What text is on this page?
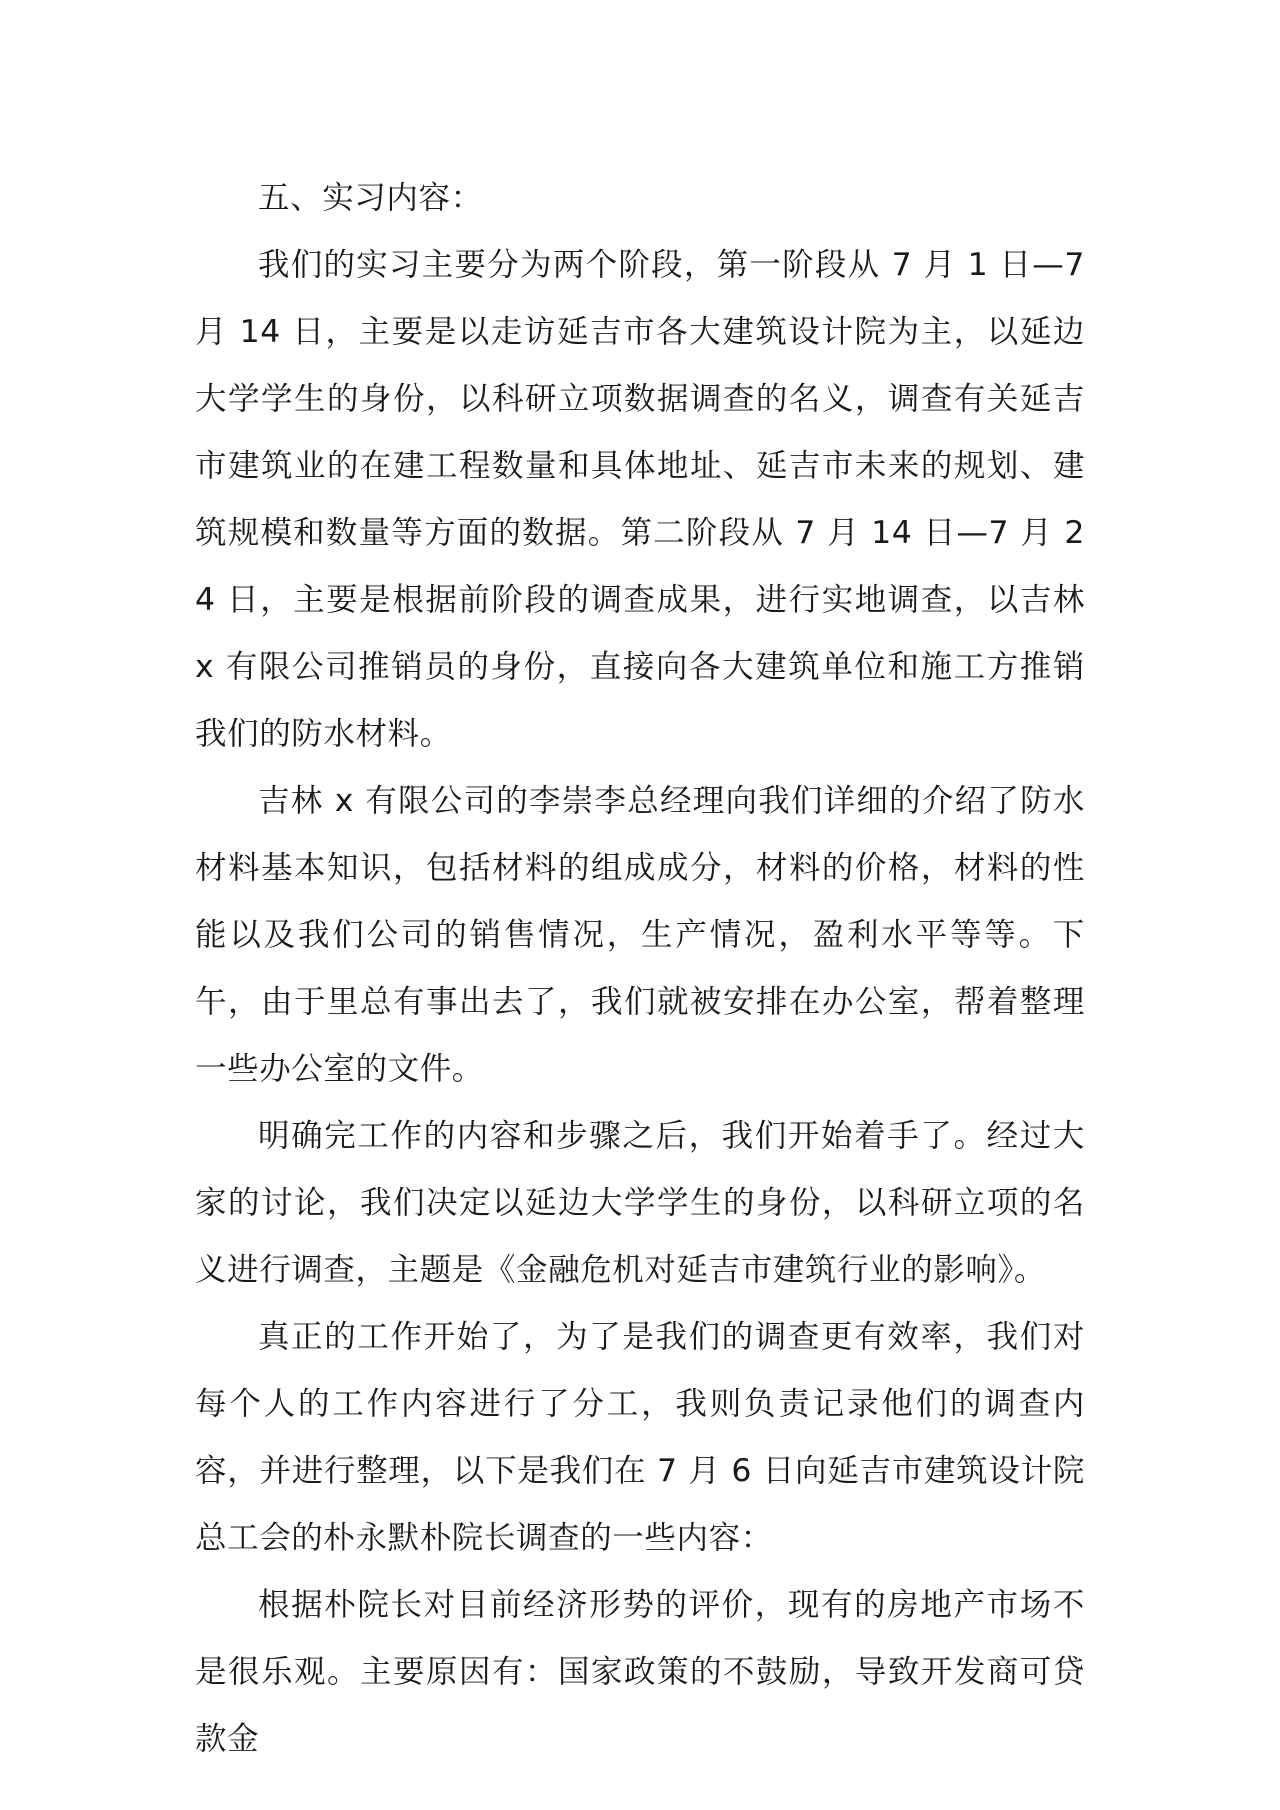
五、实习内容：

我们的实习主要分为两个阶段，第一阶段从 7 月 1 日—7 月 14 日，主要是以走访延吉市各大建筑设计院为主，以延边大学学生的身份，以科研立项数据调查的名义，调查有关延吉市建筑业的在建工程数量和具体地址、延吉市未来的规划、建筑规模和数量等方面的数据。第二阶段从 7 月 14 日—7 月 24 日，主要是根据前阶段的调查成果，进行实地调查，以吉林 x 有限公司推销员的身份，直接向各大建筑单位和施工方推销我们的防水材料。

吉林 x 有限公司的李崇李总经理向我们详细的介绍了防水材料基本知识，包括材料的组成成分，材料的价格，材料的性能以及我们公司的销售情况，生产情况，盈利水平等等。下午，由于里总有事出去了，我们就被安排在办公室，帮着整理一些办公室的文件。

明确完工作的内容和步骤之后，我们开始着手了。经过大家的讨论，我们决定以延边大学学生的身份，以科研立项的名义进行调查，主题是《金融危机对延吉市建筑行业的影响》。

真正的工作开始了，为了是我们的调查更有效率，我们对每个人的工作内容进行了分工，我则负责记录他们的调查内容，并进行整理，以下是我们在 7 月 6 日向延吉市建筑设计院总工会的朴永默朴院长调查的一些内容：

根据朴院长对目前经济形势的评价，现有的房地产市场不是很乐观。主要原因有：国家政策的不鼓励，导致开发商可贷款金
